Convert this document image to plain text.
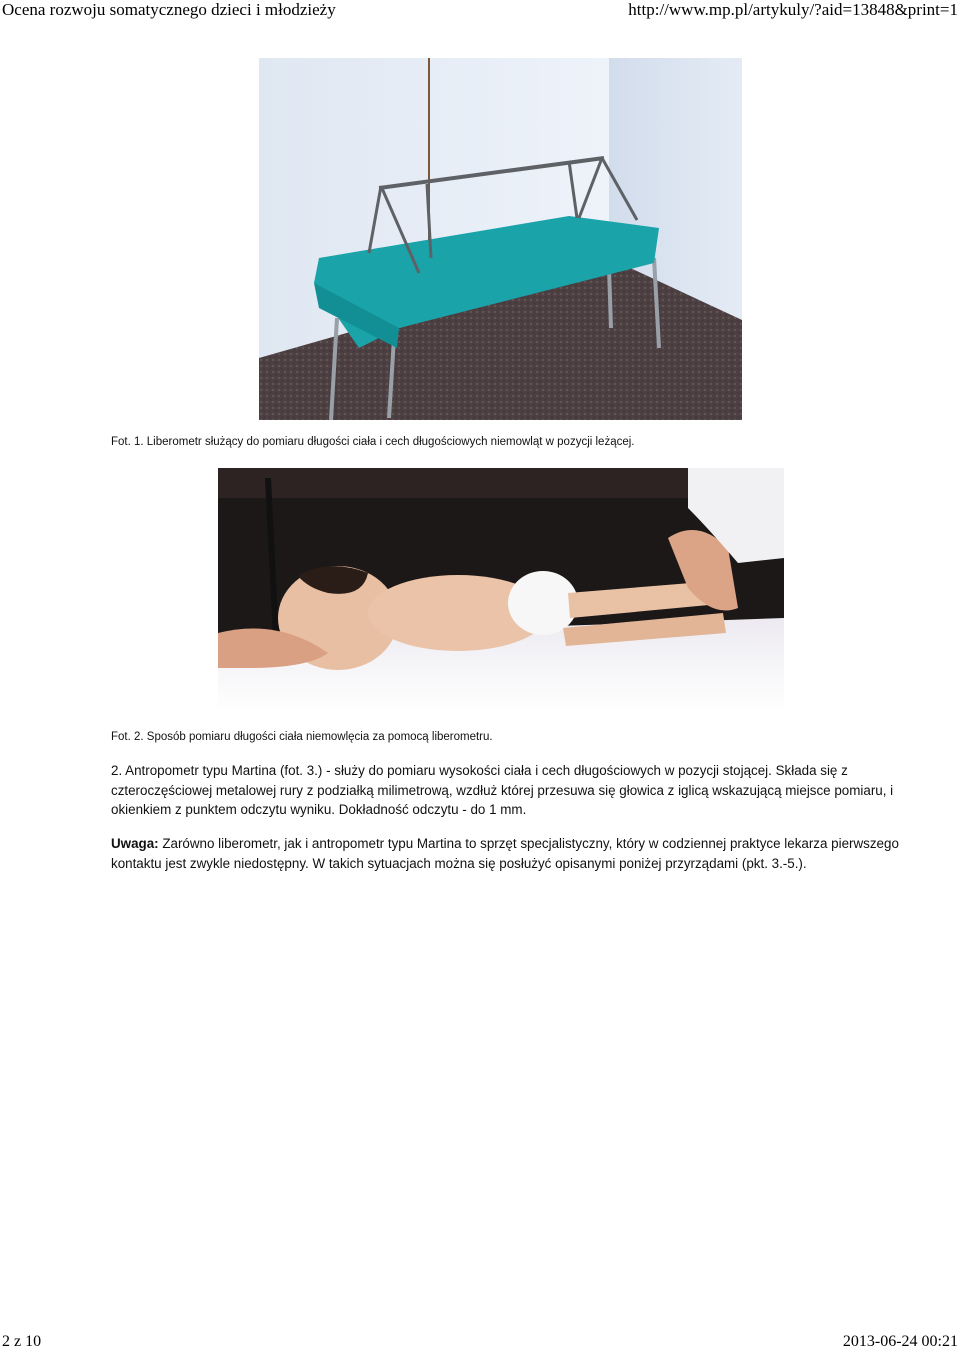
Ocena rozwoju somatycznego dzieci i młodzieży	http://www.mp.pl/artykuly/?aid=13848&print=1
Fot. 1. Liberometr służący do pomiaru długości ciała i cech długościowych niemowląt w pozycji leżącej.
Fot. 2. Sposób pomiaru długości ciała niemowlęcia za pomocą liberometru.

2. Antropometr typu Martina (fot. 3.) - służy do pomiaru wysokości ciała i cech długościowych w pozycji stojącej. Składa się z czteroczęściowej metalowej rury z podziałką milimetrową, wzdłuż której przesuwa się głowica z iglicą wskazującą miejsce pomiaru, i okienkiem z punktem odczytu wyniku. Dokładność odczytu - do 1 mm.

Uwaga: Zarówno liberometr, jak i antropometr typu Martina to sprzęt specjalistyczny, który w codziennej praktyce lekarza pierwszego kontaktu jest zwykle niedostępny. W takich sytuacjach można się posłużyć opisanymi poniżej przyrządami (pkt. 3.-5.).

2 z 10	2013-06-24 00:21
